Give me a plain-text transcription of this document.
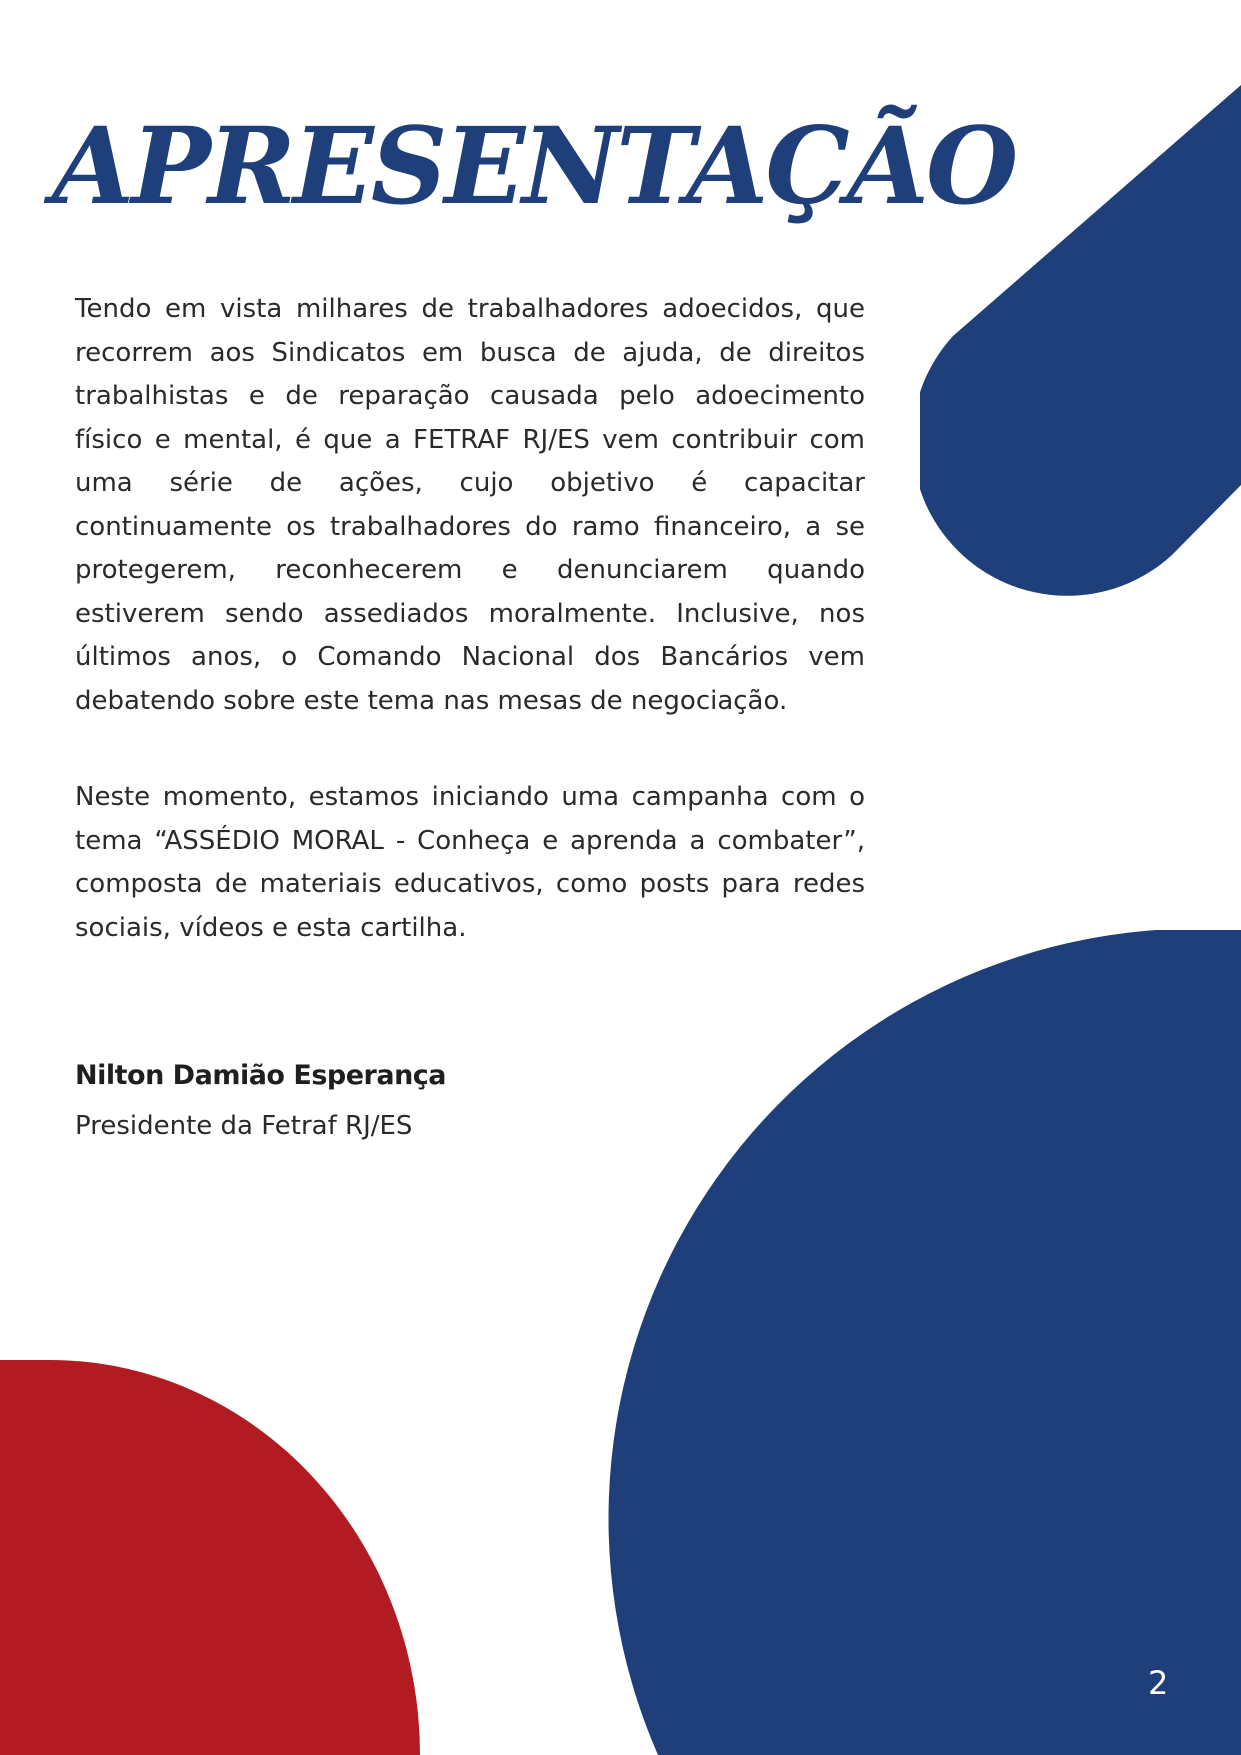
APRESENTAÇÃO

Tendo em vista milhares de trabalhadores adoecidos, que recorrem aos Sindicatos em busca de ajuda, de direitos trabalhistas e de reparação causada pelo adoecimento físico e mental, é que a FETRAF RJ/ES vem contribuir com uma série de ações, cujo objetivo é capacitar continuamente os trabalhadores do ramo financeiro, a se protegerem, reconhecerem e denunciarem quando estiverem sendo assediados moralmente. Inclusive, nos últimos anos, o Comando Nacional dos Bancários vem debatendo sobre este tema nas mesas de negociação.

Neste momento, estamos iniciando uma campanha com o tema “ASSÉDIO MORAL - Conheça e aprenda a combater”, composta de materiais educativos, como posts para redes sociais, vídeos e esta cartilha.

Nilton Damião Esperança

Presidente da Fetraf RJ/ES

2
